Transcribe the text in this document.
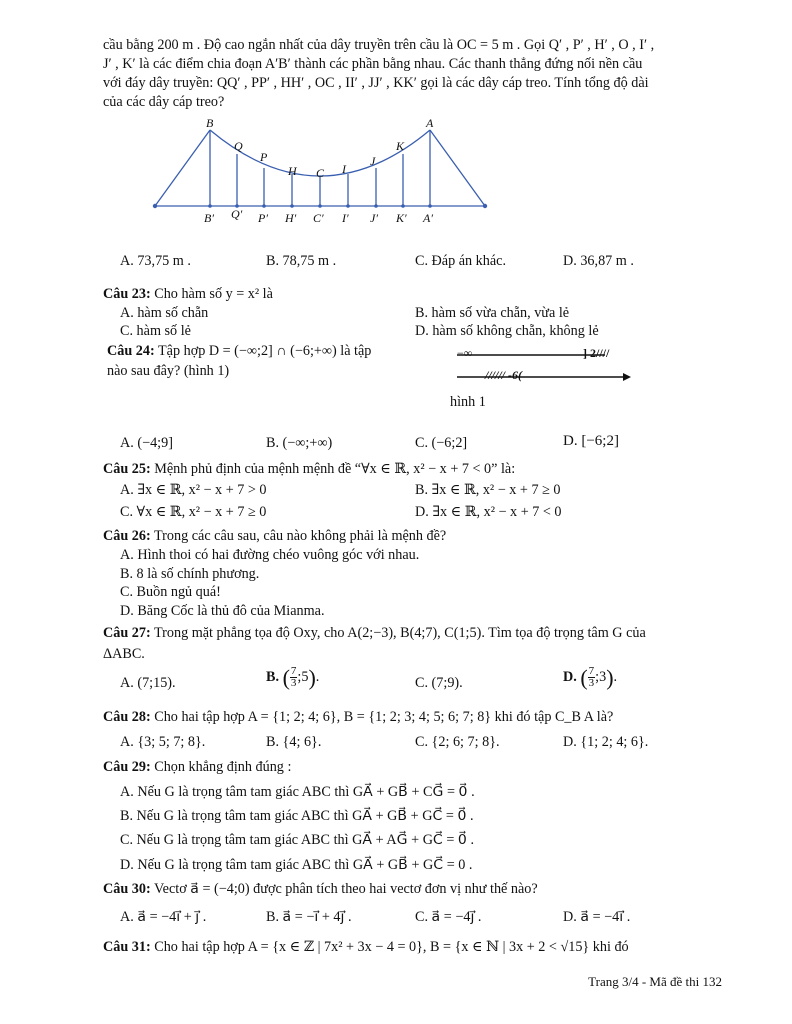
cầu bằng 200 m . Độ cao ngắn nhất của dây truyền trên cầu là OC = 5 m . Gọi Q′ , P′ , H′ , O , I′ ,
J′ , K′ là các điểm chia đoạn A′B′ thành các phần bằng nhau. Các thanh thẳng đứng nối nền cầu
với đáy dây truyền: QQ′ , PP′ , HH′ , OC , II′ , JJ′ , KK′ gọi là các dây cáp treo. Tính tổng độ dài
của các dây cáp treo?
B
Q
P
H C I
J
K
A
B′ Q′ P′ H′ C′ I′ J′ K′ A′
A. 73,75 m .	B. 78,75 m .	C. Đáp án khác.	D. 36,87 m .
Câu 23: Cho hàm số y = x² là
A. hàm số chẵn	B. hàm số vừa chẵn, vừa lẻ
C. hàm số lẻ	D. hàm số không chẵn, không lẻ
Câu 24: Tập hợp D = (−∞;2] ∩ (−6;+∞) là tập
nào sau đây? (hình 1)
−∞	] 2////
////// -6(
hình 1
A. (−4;9]	B. (−∞;+∞)	C. (−6;2]	D. [−6;2]
Câu 25: Mệnh phủ định của mệnh mệnh đề “∀x ∈ ℝ, x² − x + 7 < 0” là:
A. ∃x ∈ ℝ, x² − x + 7 > 0	B. ∃x ∈ ℝ, x² − x + 7 ≥ 0
C. ∀x ∈ ℝ, x² − x + 7 ≥ 0	D. ∃x ∈ ℝ, x² − x + 7 < 0
Câu 26: Trong các câu sau, câu nào không phải là mệnh đề?
A. Hình thoi có hai đường chéo vuông góc với nhau.
B. 8 là số chính phương.
C. Buồn ngủ quá!
D. Băng Cốc là thủ đô của Mianma.
Câu 27: Trong mặt phẳng tọa độ Oxy, cho A(2;−3), B(4;7), C(1;5). Tìm tọa độ trọng tâm G của
ΔABC.
A. (7;15).	B. ( $\frac{7}{3}$ ;5).	C. (7;9).	D. ( $\frac{7}{3}$ ;3).
Câu 28: Cho hai tập hợp A = {1; 2; 4; 6}, B = {1; 2; 3; 4; 5; 6; 7; 8} khi đó tập C_B A là?
A. {3; 5; 7; 8}.	B. {4; 6}.	C. {2; 6; 7; 8}.	D. {1; 2; 4; 6}.
Câu 29: Chọn khẳng định đúng :
A. Nếu G là trọng tâm tam giác ABC thì GA⃗ + GB⃗ + CG⃗ = 0⃗ .
B. Nếu G là trọng tâm tam giác ABC thì GA⃗ + GB⃗ + GC⃗ = 0⃗ .
C. Nếu G là trọng tâm tam giác ABC thì GA⃗ + AG⃗ + GC⃗ = 0⃗ .
D. Nếu G là trọng tâm tam giác ABC thì GA⃗ + GB⃗ + GC⃗ = 0 .
Câu 30: Vectơ a⃗ = (−4;0) được phân tích theo hai vectơ đơn vị như thế nào?
A. a⃗ = −4i⃗ + j⃗ .	B. a⃗ = −i⃗ + 4j⃗ .	C. a⃗ = −4j⃗ .	D. a⃗ = −4i⃗ .
Câu 31: Cho hai tập hợp A = {x ∈ ℤ | 7x² + 3x − 4 = 0}, B = {x ∈ ℕ | 3x + 2 < √15} khi đó
Trang 3/4 - Mã đề thi 132
